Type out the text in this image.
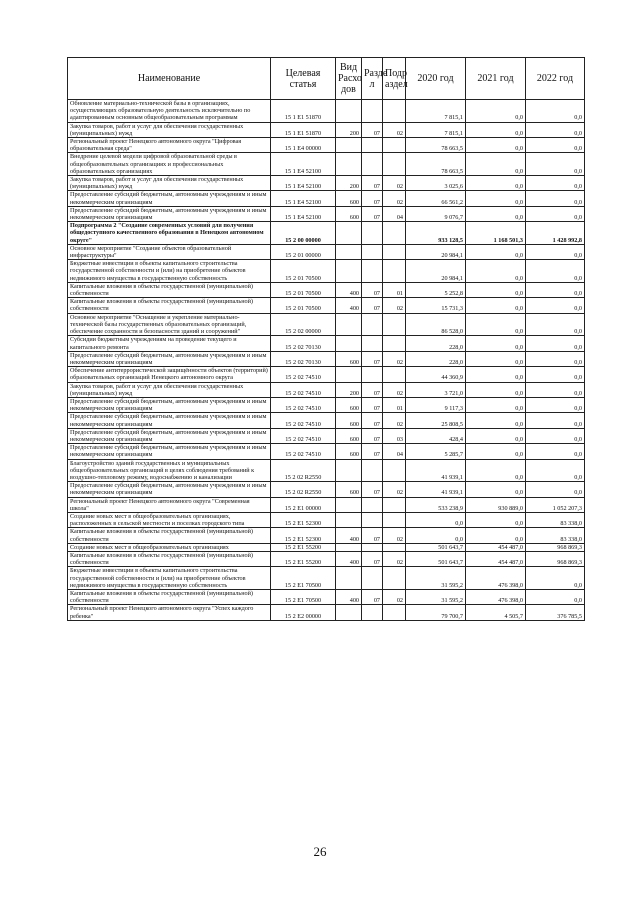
Наименование	Целевая статья	Вид Расхо дов	Разде л	Подр аздел	2020 год	2021 год	2022 год
Обновление материально-технической базы в организациях, осуществляющих образовательную деятельность исключительно по адаптированным основным общеобразовательным программам	15 1 E1 51870				7 815,1	0,0	0,0
Закупка товаров, работ и услуг для обеспечения государственных (муниципальных) нужд	15 1 E1 51870	200	07	02	7 815,1	0,0	0,0
Региональный проект Ненецкого автономного округа "Цифровая образовательная среда"	15 1 E4 00000				78 663,5	0,0	0,0
Внедрение целевой модели цифровой образовательной среды в общеобразовательных организациях и профессиональных образовательных организациях	15 1 E4 52100				78 663,5	0,0	0,0
Закупка товаров, работ и услуг для обеспечения государственных (муниципальных) нужд	15 1 E4 52100	200	07	02	3 025,6	0,0	0,0
Предоставление субсидий бюджетным, автономным учреждениям и иным некоммерческим организациям	15 1 E4 52100	600	07	02	66 561,2	0,0	0,0
Предоставление субсидий бюджетным, автономным учреждениям и иным некоммерческим организациям	15 1 E4 52100	600	07	04	9 076,7	0,0	0,0
Подпрограмма 2 "Создание современных условий для получения общедоступного качественного образования в Ненецком автономном округе"	15 2 00 00000				933 128,5	1 168 501,3	1 428 992,8
Основное мероприятие "Создание объектов образовательной инфраструктуры"	15 2 01 00000				20 984,1	0,0	0,0
Бюджетные инвестиции в объекты капитального строительства государственной собственности и (или) на приобретение объектов недвижимого имущества в государственную собственность	15 2 01 70500				20 984,1	0,0	0,0
Капитальные вложения в объекты государственной (муниципальной) собственности	15 2 01 70500	400	07	01	5 252,8	0,0	0,0
Капитальные вложения в объекты государственной (муниципальной) собственности	15 2 01 70500	400	07	02	15 731,3	0,0	0,0
Основное мероприятие "Оснащение и укрепление материально-технической базы государственных образовательных организаций, обеспечение сохранности и безопасности зданий и сооружений"	15 2 02 00000				86 528,0	0,0	0,0
Субсидии бюджетным учреждениям на проведение текущего и капитального ремонта	15 2 02 70130				228,0	0,0	0,0
Предоставление субсидий бюджетным, автономным учреждениям и иным некоммерческим организациям	15 2 02 70130	600	07	02	228,0	0,0	0,0
Обеспечение антитеррористической защищённости объектов (территорий) образовательных организаций Ненецкого автономного округа	15 2 02 74510				44 360,9	0,0	0,0
Закупка товаров, работ и услуг для обеспечения государственных (муниципальных) нужд	15 2 02 74510	200	07	02	3 721,0	0,0	0,0
Предоставление субсидий бюджетным, автономным учреждениям и иным некоммерческим организациям	15 2 02 74510	600	07	01	9 117,3	0,0	0,0
Предоставление субсидий бюджетным, автономным учреждениям и иным некоммерческим организациям	15 2 02 74510	600	07	02	25 808,5	0,0	0,0
Предоставление субсидий бюджетным, автономным учреждениям и иным некоммерческим организациям	15 2 02 74510	600	07	03	428,4	0,0	0,0
Предоставление субсидий бюджетным, автономным учреждениям и иным некоммерческим организациям	15 2 02 74510	600	07	04	5 285,7	0,0	0,0
Благоустройство зданий государственных и муниципальных общеобразовательных организаций в целях соблюдения требований к воздушно-тепловому режиму, водоснабжению и канализации	15 2 02 R2550				41 939,1	0,0	0,0
Предоставление субсидий бюджетным, автономным учреждениям и иным некоммерческим организациям	15 2 02 R2550	600	07	02	41 939,1	0,0	0,0
Региональный проект Ненецкого автономного округа "Современная школа"	15 2 E1 00000				533 238,9	930 889,0	1 052 207,3
Создание новых мест в общеобразовательных организациях, расположенных в сельской местности и поселках городского типа	15 2 E1 52300				0,0	0,0	83 338,0
Капитальные вложения в объекты государственной (муниципальной) собственности	15 2 E1 52300	400	07	02	0,0	0,0	83 338,0
Создание новых мест в общеобразовательных организациях	15 2 E1 55200				501 643,7	454 487,0	968 869,3
Капитальные вложения в объекты государственной (муниципальной) собственности	15 2 E1 55200	400	07	02	501 643,7	454 487,0	968 869,3
Бюджетные инвестиции в объекты капитального строительства государственной собственности и (или) на приобретение объектов недвижимого имущества в государственную собственность	15 2 E1 70500				31 595,2	476 398,0	0,0
Капитальные вложения в объекты государственной (муниципальной) собственности	15 2 E1 70500	400	07	02	31 595,2	476 398,0	0,0
Региональный проект Ненецкого автономного округа "Успех каждого ребенка"	15 2 E2 00000				79 700,7	4 505,7	376 785,5
26
